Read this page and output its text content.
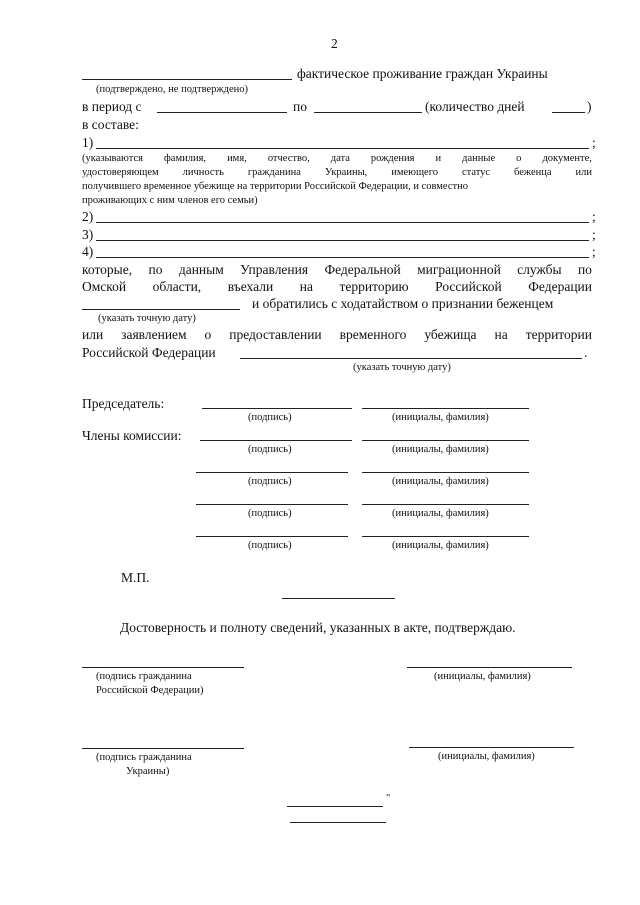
2
фактическое проживание граждан Украины
(подтверждено, не подтверждено)
в период с	по	(количество дней	)
в составе:
1)	;
(указываются фамилия, имя, отчество, дата рождения и данные о документе,
удостоверяющем личность гражданина Украины, имеющего статус беженца или
получившего временное убежище на территории Российской Федерации, и совместно
проживающих с ним членов его семьи)
2)	;
3)	;
4)	;
которые, по данным Управления Федеральной миграционной службы по
Омской области, въехали на территорию Российской Федерации
и обратились с ходатайством о признании беженцем
(указать точную дату)
или заявлением о предоставлении временного убежища на территории
Российской Федерации	.
(указать точную дату)
Председатель:
(подпись)	(инициалы, фамилия)
Члены комиссии:
(подпись)	(инициалы, фамилия)
(подпись)	(инициалы, фамилия)
(подпись)	(инициалы, фамилия)
(подпись)	(инициалы, фамилия)
М.П.
Достоверность и полноту сведений, указанных в акте, подтверждаю.
(подпись гражданина
Российской Федерации)
(инициалы, фамилия)
(подпись гражданина
Украины)
(инициалы, фамилия)
"
